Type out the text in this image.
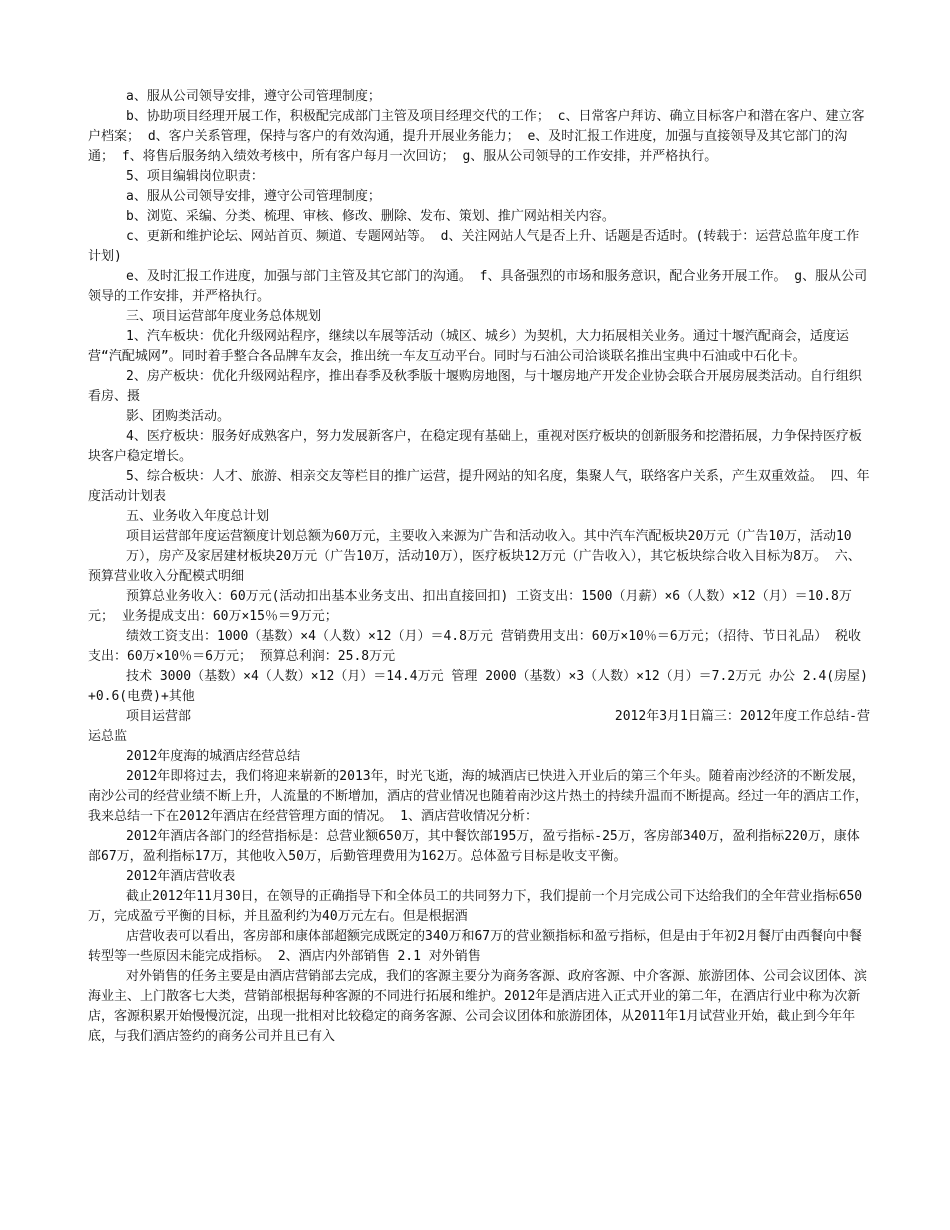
a、服从公司领导安排，遵守公司管理制度；

b、协助项目经理开展工作，积极配完成部门主管及项目经理交代的工作； c、日常客户拜访、确立目标客户和潜在客户、建立客户档案； d、客户关系管理，保持与客户的有效沟通，提升开展业务能力； e、及时汇报工作进度，加强与直接领导及其它部门的沟通； f、将售后服务纳入绩效考核中，所有客户每月一次回访； g、服从公司领导的工作安排，并严格执行。

5、项目编辑岗位职责：

a、服从公司领导安排，遵守公司管理制度；

b、浏览、采编、分类、梳理、审核、修改、删除、发布、策划、推广网站相关内容。

c、更新和维护论坛、网站首页、频道、专题网站等。 d、关注网站人气是否上升、话题是否适时。(转载于：运营总监年度工作计划)

e、及时汇报工作进度，加强与部门主管及其它部门的沟通。 f、具备强烈的市场和服务意识，配合业务开展工作。 g、服从公司领导的工作安排，并严格执行。

三、项目运营部年度业务总体规划

1、汽车板块：优化升级网站程序，继续以车展等活动（城区、城乡）为契机，大力拓展相关业务。通过十堰汽配商会，适度运营“汽配城网”。同时着手整合各品牌车友会，推出统一车友互动平台。同时与石油公司洽谈联名推出宝典中石油或中石化卡。

2、房产板块：优化升级网站程序，推出春季及秋季版十堰购房地图，与十堰房地产开发企业协会联合开展房展类活动。自行组织看房、摄

影、团购类活动。

4、医疗板块：服务好成熟客户，努力发展新客户，在稳定现有基础上，重视对医疗板块的创新服务和挖潜拓展，力争保持医疗板块客户稳定增长。

5、综合板块：人才、旅游、相亲交友等栏目的推广运营，提升网站的知名度，集聚人气，联络客户关系，产生双重效益。 四、年度活动计划表

五、业务收入年度总计划

项目运营部年度运营额度计划总额为60万元，主要收入来源为广告和活动收入。其中汽车汽配板块20万元（广告10万，活动10

万），房产及家居建材板块20万元（广告10万，活动10万），医疗板块12万元（广告收入），其它板块综合收入目标为8万。 六、预算营业收入分配模式明细

预算总业务收入：60万元(活动扣出基本业务支出、扣出直接回扣) 工资支出：1500（月薪）×6（人数）×12（月）＝10.8万元； 业务提成支出：60万×15％＝9万元；

绩效工资支出：1000（基数）×4（人数）×12（月）＝4.8万元 营销费用支出：60万×10％＝6万元；（招待、节日礼品） 税收支出：60万×10％＝6万元； 预算总利润：25.8万元

技术 3000（基数）×4（人数）×12（月）＝14.4万元 管理 2000（基数）×3（人数）×12（月）＝7.2万元 办公 2.4(房屋) +0.6(电费)+其他

项目运营部	2012年3月1日篇三：2012年度工作总结-营

运总监

2012年度海的城酒店经营总结

2012年即将过去，我们将迎来崭新的2013年，时光飞逝，海的城酒店已快进入开业后的第三个年头。随着南沙经济的不断发展，南沙公司的经营业绩不断上升，人流量的不断增加，酒店的营业情况也随着南沙这片热土的持续升温而不断提高。经过一年的酒店工作，我来总结一下在2012年酒店在经营管理方面的情况。 1、酒店营收情况分析：

2012年酒店各部门的经营指标是：总营业额650万，其中餐饮部195万，盈亏指标-25万，客房部340万，盈利指标220万，康体部67万，盈利指标17万，其他收入50万，后勤管理费用为162万。总体盈亏目标是收支平衡。

2012年酒店营收表

截止2012年11月30日，在领导的正确指导下和全体员工的共同努力下，我们提前一个月完成公司下达给我们的全年营业指标650万，完成盈亏平衡的目标，并且盈利约为40万元左右。但是根据酒

店营收表可以看出，客房部和康体部超额完成既定的340万和67万的营业额指标和盈亏指标，但是由于年初2月餐厅由西餐向中餐转型等一些原因未能完成指标。 2、酒店内外部销售 2.1 对外销售

对外销售的任务主要是由酒店营销部去完成，我们的客源主要分为商务客源、政府客源、中介客源、旅游团体、公司会议团体、滨海业主、上门散客七大类，营销部根据每种客源的不同进行拓展和维护。2012年是酒店进入正式开业的第二年，在酒店行业中称为次新店，客源积累开始慢慢沉淀，出现一批相对比较稳定的商务客源、公司会议团体和旅游团体，从2011年1月试营业开始，截止到今年年底，与我们酒店签约的商务公司并且已有入
